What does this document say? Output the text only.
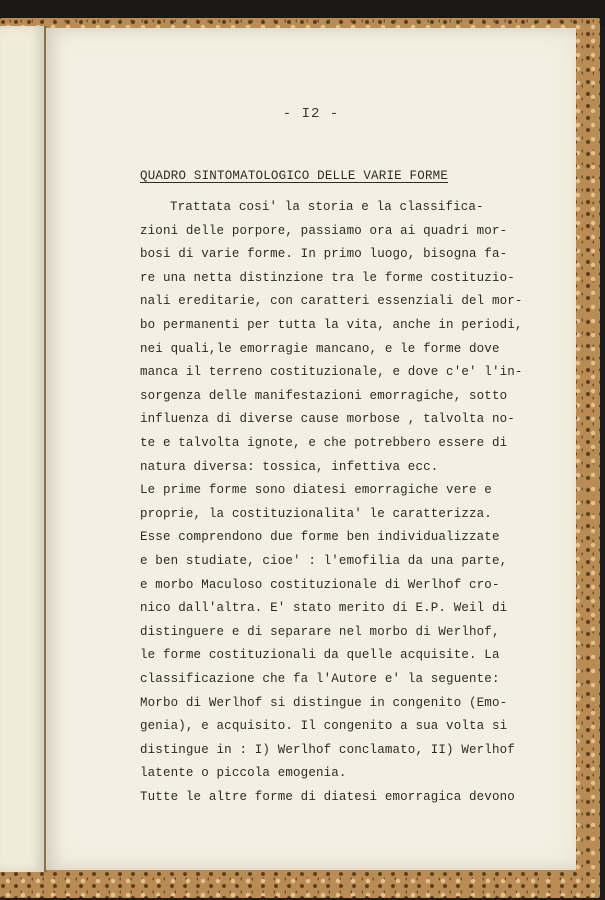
- I2 -
QUADRO SINTOMATOLOGICO DELLE VARIE FORME
Trattata cosi' la storia e la classifica-
zioni delle porpore, passiamo ora ai quadri mor-
bosi di varie forme. In primo luogo, bisogna fa-
re una netta distinzione tra le forme costituzio-
nali ereditarie, con caratteri essenziali del mor-
bo permanenti per tutta la vita, anche in periodi,
nei quali,le emorragie mancano, e le forme dove
manca il terreno costituzionale, e dove c'e' l'in-
sorgenza delle manifestazioni emorragiche, sotto
influenza di diverse cause morbose , talvolta no-
te e talvolta ignote, e che potrebbero essere di
natura diversa: tossica, infettiva ecc.
Le prime forme sono diatesi emorragiche vere e
proprie, la costituzionalita' le caratterizza.
Esse comprendono due forme ben individualizzate
e ben studiate, cioe' : l'emofilia da una parte,
e morbo Maculoso costituzionale di Werlhof cro-
nico dall'altra. E' stato merito di E.P. Weil di
distinguere e di separare nel morbo di Werlhof,
le forme costituzionali da quelle acquisite. La
classificazione che fa l'Autore e' la seguente:
Morbo di Werlhof si distingue in congenito (Emo-
genia), e acquisito. Il congenito a sua volta si
distingue in : I) Werlhof conclamato, II) Werlhof
latente o piccola emogenia.
Tutte le altre forme di diatesi emorragica devono
